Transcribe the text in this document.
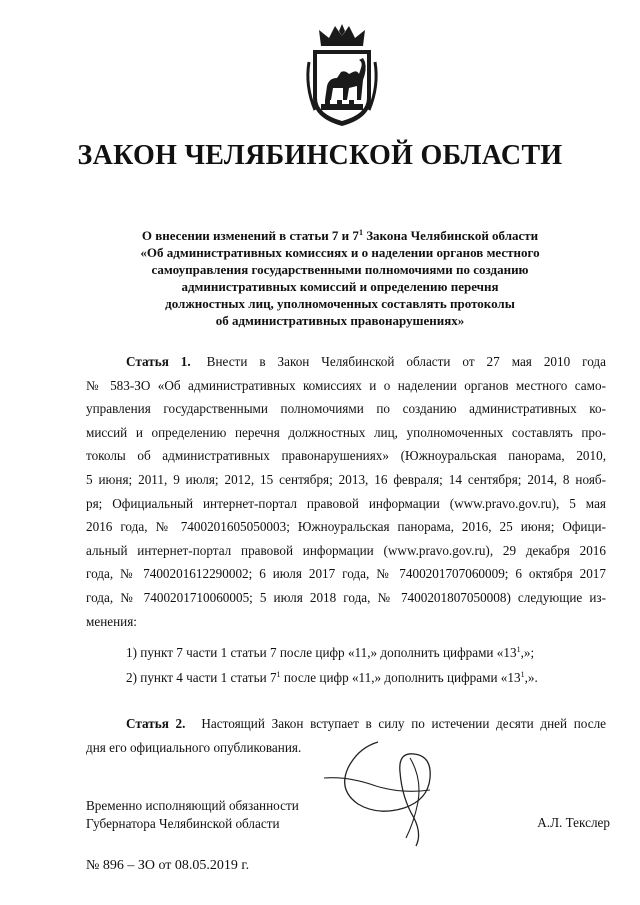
ЗАКОН ЧЕЛЯБИНСКОЙ ОБЛАСТИ
О внесении изменений в статьи 7 и $7^1$ Закона Челябинской области
«Об административных комиссиях и о наделении органов местного
самоуправления государственными полномочиями по созданию
административных комиссий и определению перечня
должностных лиц, уполномоченных составлять протоколы
об административных правонарушениях»
Статья 1. Внести в Закон Челябинской области от 27 мая 2010 года
№ 583-ЗО «Об административных комиссиях и о наделении органов местного само-
управления государственными полномочиями по созданию административных ко-
миссий и определению перечня должностных лиц, уполномоченных составлять про-
токолы об административных правонарушениях» (Южноуральская панорама, 2010,
5 июня; 2011, 9 июля; 2012, 15 сентября; 2013, 16 февраля; 14 сентября; 2014, 8 нояб-
ря; Официальный интернет-портал правовой информации (www.pravo.gov.ru), 5 мая
2016 года, № 7400201605050003; Южноуральская панорама, 2016, 25 июня; Офици-
альный интернет-портал правовой информации (www.pravo.gov.ru), 29 декабря 2016
года, № 7400201612290002; 6 июля 2017 года, № 7400201707060009; 6 октября 2017
года, № 7400201710060005; 5 июля 2018 года, № 7400201807050008) следующие из-
менения:
1) пункт 7 части 1 статьи 7 после цифр «11,» дополнить цифрами «$13^1$,»;
2) пункт 4 части 1 статьи $7^1$ после цифр «11,» дополнить цифрами «$13^1$,».
Статья 2. Настоящий Закон вступает в силу по истечении десяти дней после
дня его официального опубликования.
Временно исполняющий обязанности
Губернатора Челябинской области	А.Л. Текслер
№ 896 – ЗО от 08.05.2019 г.
